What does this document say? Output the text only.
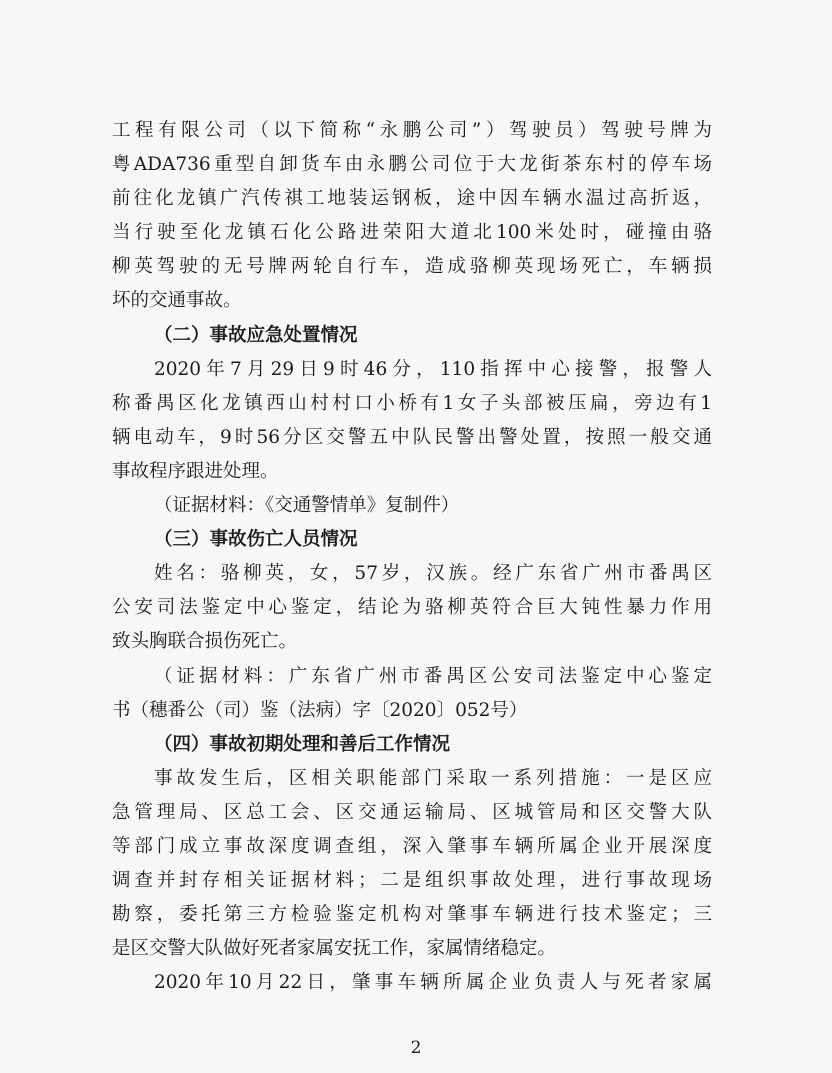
工程有限公司（以下简称“永鹏公司”）驾驶员）驾驶号牌为
粤ADA736重型自卸货车由永鹏公司位于大龙街茶东村的停车场
前往化龙镇广汽传祺工地装运钢板，途中因车辆水温过高折返，
当行驶至化龙镇石化公路进荣阳大道北100米处时，碰撞由骆
柳英驾驶的无号牌两轮自行车，造成骆柳英现场死亡，车辆损
坏的交通事故。
（二）事故应急处置情况
2020年7月29日9时46分，110指挥中心接警，报警人
称番禺区化龙镇西山村村口小桥有1女子头部被压扁，旁边有1
辆电动车，9时56分区交警五中队民警出警处置，按照一般交通
事故程序跟进处理。
（证据材料：《交通警情单》复制件）
（三）事故伤亡人员情况
姓名：骆柳英，女，57岁，汉族。经广东省广州市番禺区
公安司法鉴定中心鉴定，结论为骆柳英符合巨大钝性暴力作用
致头胸联合损伤死亡。
（证据材料：广东省广州市番禺区公安司法鉴定中心鉴定
书（穗番公（司）鉴（法病）字〔2020〕052号）
（四）事故初期处理和善后工作情况
事故发生后，区相关职能部门采取一系列措施：一是区应
急管理局、区总工会、区交通运输局、区城管局和区交警大队
等部门成立事故深度调查组，深入肇事车辆所属企业开展深度
调查并封存相关证据材料；二是组织事故处理，进行事故现场
勘察，委托第三方检验鉴定机构对肇事车辆进行技术鉴定；三
是区交警大队做好死者家属安抚工作，家属情绪稳定。
2020年10月22日，肇事车辆所属企业负责人与死者家属
2
